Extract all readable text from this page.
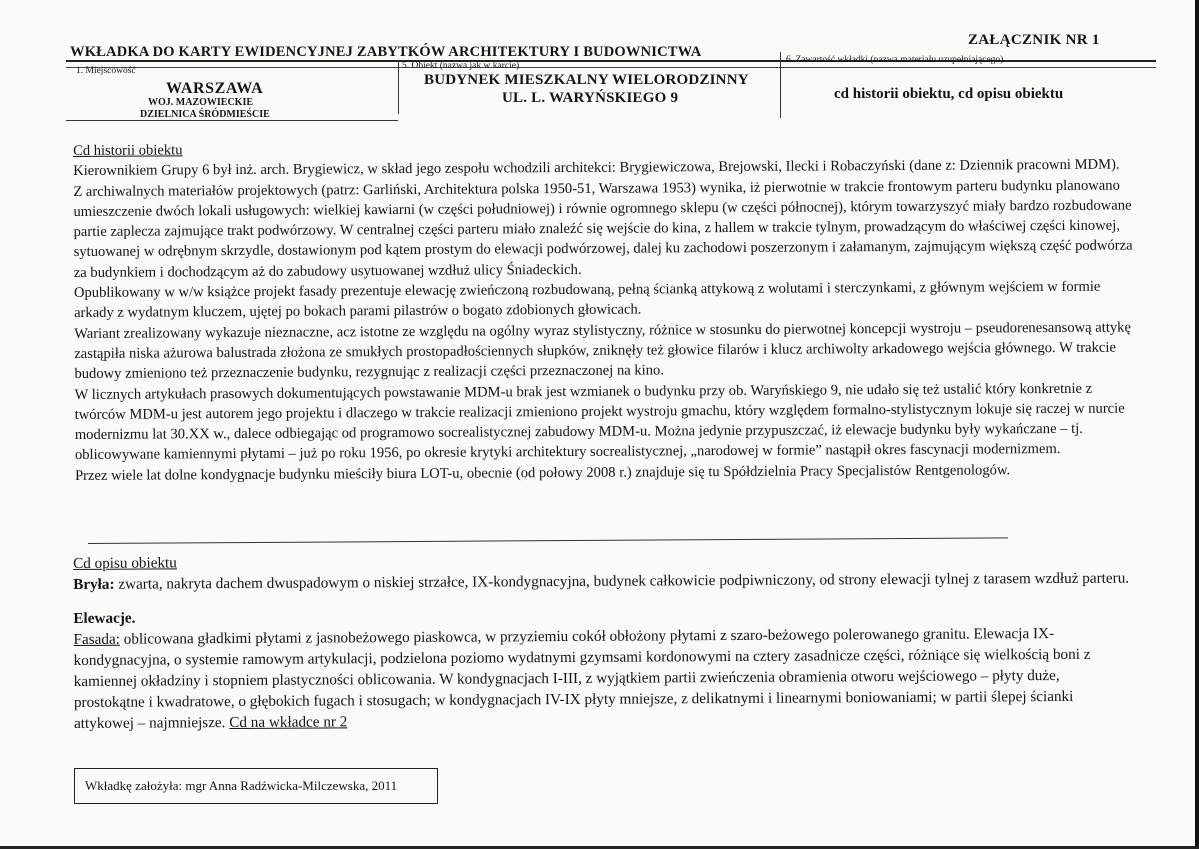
ZAŁĄCZNIK NR 1
WKŁADKA DO KARTY EWIDENCYJNEJ ZABYTKÓW ARCHITEKTURY I BUDOWNICTWA
1. Miejscowość
WARSZAWA
WOJ. MAZOWIECKIE
DZIELNICA ŚRÓDMIEŚCIE
5. Obiekt (nazwa jak w karcie)
BUDYNEK MIESZKALNY WIELORODZINNY
UL. L. WARYŃSKIEGO 9
6. Zawartość wkładki (nazwa materiału uzupełniającego)
cd historii obiektu, cd opisu obiektu

Cd historii obiektu

Kierownikiem Grupy 6 był inż. arch. Brygiewicz, w skład jego zespołu wchodzili architekci: Brygiewiczowa, Brejowski, Ilecki i Robaczyński (dane z: Dziennik pracowni MDM).

Z archiwalnych materiałów projektowych (patrz: Garliński, Architektura polska 1950-51, Warszawa 1953) wynika, iż pierwotnie w trakcie frontowym parteru budynku planowano umieszczenie dwóch lokali usługowych: wielkiej kawiarni (w części południowej) i równie ogromnego sklepu (w części północnej), którym towarzyszyć miały bardzo rozbudowane partie zaplecza zajmujące trakt podwórzowy. W centralnej części parteru miało znaleźć się wejście do kina, z hallem w trakcie tylnym, prowadzącym do właściwej części kinowej, sytuowanej w odrębnym skrzydle, dostawionym pod kątem prostym do elewacji podwórzowej, dalej ku zachodowi poszerzonym i załamanym, zajmującym większą część podwórza za budynkiem i dochodzącym aż do zabudowy usytuowanej wzdłuż ulicy Śniadeckich.

Opublikowany w w/w książce projekt fasady prezentuje elewację zwieńczoną rozbudowaną, pełną ścianką attykową z wolutami i sterczynkami, z głównym wejściem w formie arkady z wydatnym kluczem, ujętej po bokach parami pilastrów o bogato zdobionych głowicach.

Wariant zrealizowany wykazuje nieznaczne, acz istotne ze względu na ogólny wyraz stylistyczny, różnice w stosunku do pierwotnej koncepcji wystroju – pseudorenesansową attykę zastąpiła niska ażurowa balustrada złożona ze smukłych prostopadłościennych słupków, zniknęły też głowice filarów i klucz archiwolty arkadowego wejścia głównego. W trakcie budowy zmieniono też przeznaczenie budynku, rezygnując z realizacji części przeznaczonej na kino.

W licznych artykułach prasowych dokumentujących powstawanie MDM-u brak jest wzmianek o budynku przy ob. Waryńskiego 9, nie udało się też ustalić który konkretnie z twórców MDM-u jest autorem jego projektu i dlaczego w trakcie realizacji zmieniono projekt wystroju gmachu, który względem formalno-stylistycznym lokuje się raczej w nurcie modernizmu lat 30.XX w., dalece odbiegając od programowo socrealistycznej zabudowy MDM-u. Można jedynie przypuszczać, iż elewacje budynku były wykańczane – tj. oblicowywane kamiennymi płytami – już po roku 1956, po okresie krytyki architektury socrealistycznej, „narodowej w formie” nastąpił okres fascynacji modernizmem.

Przez wiele lat dolne kondygnacje budynku mieściły biura LOT-u, obecnie (od połowy 2008 r.) znajduje się tu Spółdzielnia Pracy Specjalistów Rentgenologów.

Cd opisu obiektu

Bryła: zwarta, nakryta dachem dwuspadowym o niskiej strzałce, IX-kondygnacyjna, budynek całkowicie podpiwniczony, od strony elewacji tylnej z tarasem wzdłuż parteru.

Elewacje.

Fasada: oblicowana gładkimi płytami z jasnobeżowego piaskowca, w przyziemiu cokół obłożony płytami z szaro-beżowego polerowanego granitu. Elewacja IX-kondygnacyjna, o systemie ramowym artykulacji, podzielona poziomo wydatnymi gzymsami kordonowymi na cztery zasadnicze części, różniące się wielkością boni z kamiennej okładziny i stopniem plastyczności oblicowania. W kondygnacjach I-III, z wyjątkiem partii zwieńczenia obramienia otworu wejściowego – płyty duże, prostokątne i kwadratowe, o głębokich fugach i stosugach; w kondygnacjach IV-IX płyty mniejsze, z delikatnymi i linearnymi boniowaniami; w partii ślepej ścianki attykowej – najmniejsze. Cd na wkładce nr 2

Wkładkę założyła: mgr Anna Radźwicka-Milczewska, 2011
